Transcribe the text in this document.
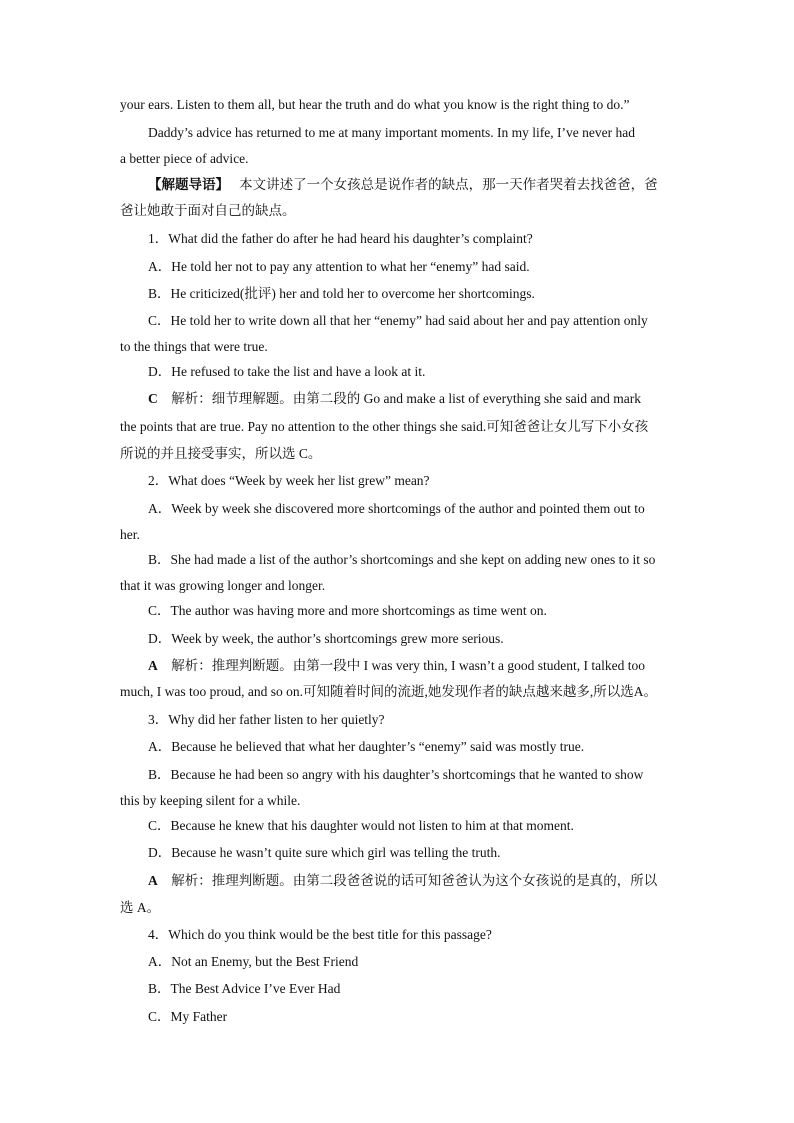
your ears. Listen to them all, but hear the truth and do what you know is the right thing to do.”
Daddy’s advice has returned to me at many important moments. In my life, I’ve never had
a better piece of advice.
【解题导语】 本文讲述了一个女孩总是说作者的缺点，那一天作者哭着去找爸爸，爸
爸让她敢于面对自己的缺点。
1．What did the father do after he had heard his daughter’s complaint?
A．He told her not to pay any attention to what her “enemy” had said.
B．He criticized(批评) her and told her to overcome her shortcomings.
C．He told her to write down all that her “enemy” had said about her and pay attention only
to the things that were true.
D．He refused to take the list and have a look at it.
C 解析：细节理解题。由第二段的 Go and make a list of everything she said and mark
the points that are true. Pay no attention to the other things she said.可知爸爸让女儿写下小女孩
所说的并且接受事实，所以选 C。
2．What does “Week by week her list grew” mean?
A．Week by week she discovered more shortcomings of the author and pointed them out to
her.
B．She had made a list of the author’s shortcomings and she kept on adding new ones to it so
that it was growing longer and longer.
C．The author was having more and more shortcomings as time went on.
D．Week by week, the author’s shortcomings grew more serious.
A 解析：推理判断题。由第一段中 I was very thin, I wasn’t a good student, I talked too
much, I was too proud, and so on.可知随着时间的流逝,她发现作者的缺点越来越多,所以选A。
3．Why did her father listen to her quietly?
A．Because he believed that what her daughter’s “enemy” said was mostly true.
B．Because he had been so angry with his daughter’s shortcomings that he wanted to show
this by keeping silent for a while.
C．Because he knew that his daughter would not listen to him at that moment.
D．Because he wasn’t quite sure which girl was telling the truth.
A 解析：推理判断题。由第二段爸爸说的话可知爸爸认为这个女孩说的是真的，所以
选 A。
4．Which do you think would be the best title for this passage?
A．Not an Enemy, but the Best Friend
B．The Best Advice I’ve Ever Had
C．My Father
